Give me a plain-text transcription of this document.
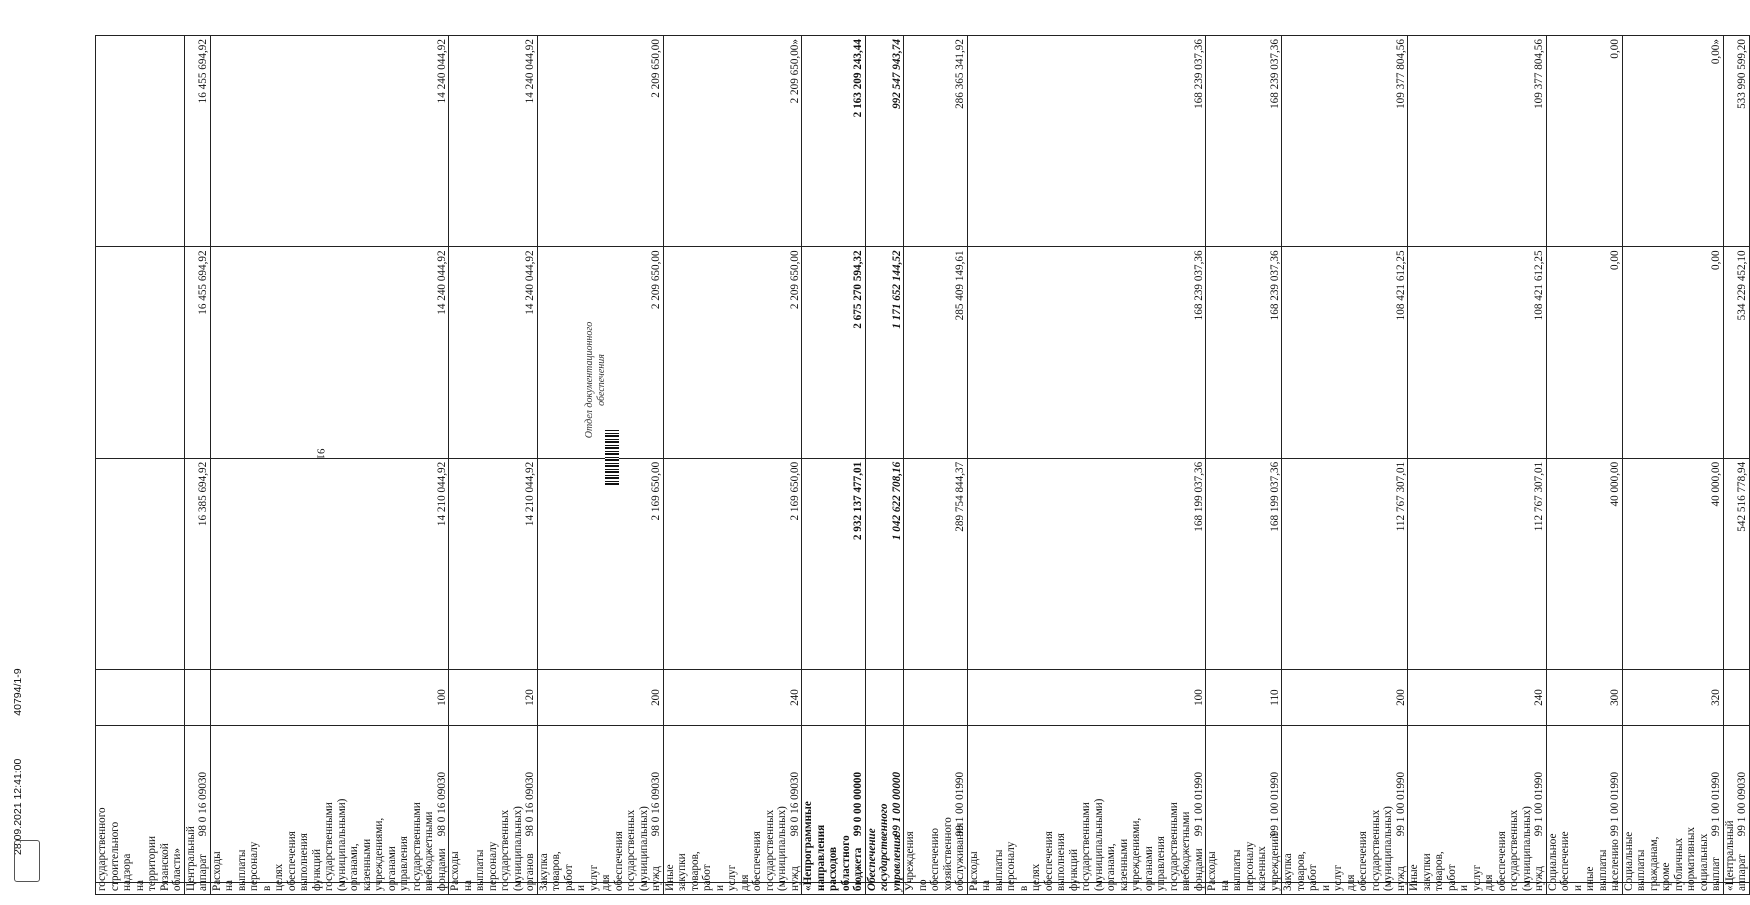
91
государственного строительного надзора на территории Рязанской области»					
Центральный аппарат	98 0 16 09030		16 385 694,92	16 455 694,92	16 455 694,92
Расходы на выплаты персоналу в целях обеспечения выполнения функций государственными (муниципальными) органами, казенными учреждениями, органами управления государственными внебюджетными фондами	98 0 16 09030	100	14 210 044,92	14 240 044,92	14 240 044,92
Расходы на выплаты персоналу государственных (муниципальных) органов	98 0 16 09030	120	14 210 044,92	14 240 044,92	14 240 044,92
Закупка товаров, работ и услуг для обеспечения государственных (муниципальных) нужд	98 0 16 09030	200	2 169 650,00	2 209 650,00	2 209 650,00
Иные закупки товаров, работ и услуг для обеспечения государственных (муниципальных) нужд	98 0 16 09030	240	2 169 650,00	2 209 650,00	2 209 650,00»
«Непрограммные направления расходов областного бюджета	99 0 00 00000		2 932 137 477,01	2 675 270 594,32	2 163 209 243,44
Обеспечение государственного управления	99 1 00 00000		1 042 622 708,16	1 171 652 144,52	992 547 943,74
Учреждения по обеспечению хозяйственного обслуживания	99 1 00 01990		289 754 844,37	285 409 149,61	286 365 341,92
Расходы на выплаты персоналу в целях обеспечения выполнения функций государственными (муниципальными) органами, казенными учреждениями, органами управления государственными внебюджетными фондами	99 1 00 01990	100	168 199 037,36	168 239 037,36	168 239 037,36
Расходы на выплаты персоналу казенных учреждений	99 1 00 01990	110	168 199 037,36	168 239 037,36	168 239 037,36
Закупка товаров, работ и услуг для обеспечения государственных (муниципальных) нужд	99 1 00 01990	200	112 767 307,01	108 421 612,25	109 377 804,56
Иные закупки товаров, работ и услуг для обеспечения государственных (муниципальных) нужд	99 1 00 01990	240	112 767 307,01	108 421 612,25	109 377 804,56
Социальное обеспечение и иные выплаты населению	99 1 00 01990	300	40 000,00	0,00	0,00
Социальные выплаты гражданам, кроме публичных нормативных социальных выплат	99 1 00 01990	320	40 000,00	0,00	0,00»
«Центральный аппарат	99 1 00 09030		542 516 778,94	534 229 452,10	533 990 599,20
28.09.2021 12:41:00 40794/1-9
Отдел документационного обеспечения
